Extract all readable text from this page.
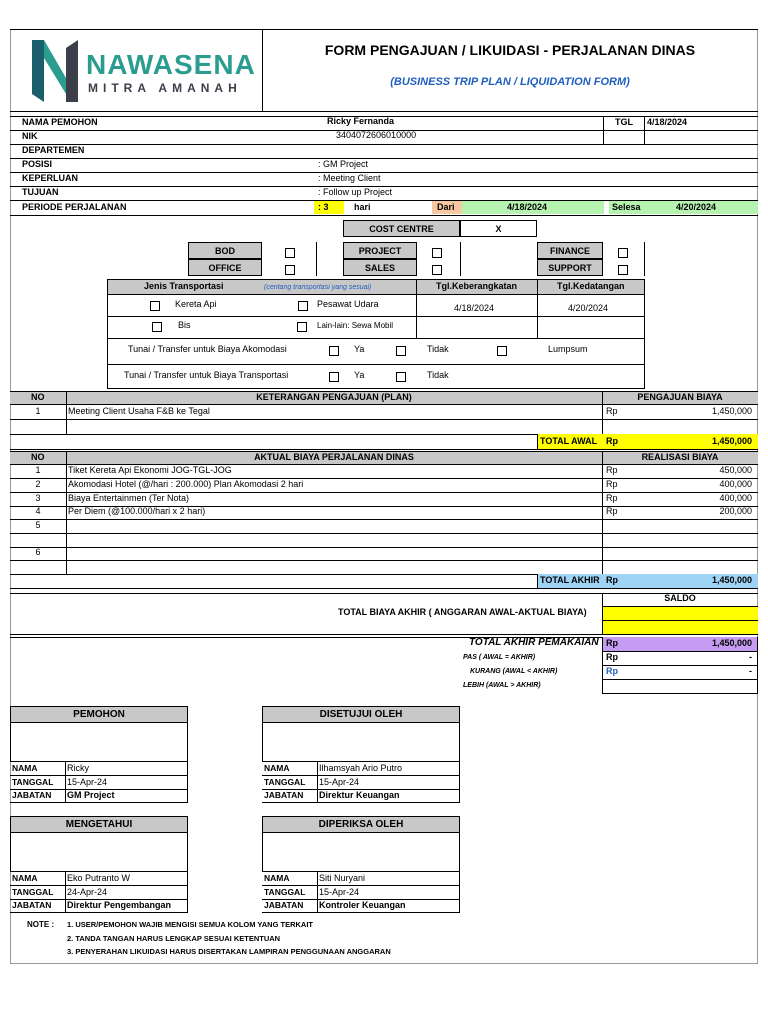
NAWASENA
MITRA AMANAH
FORM PENGAJUAN / LIKUIDASI - PERJALANAN DINAS
(BUSINESS TRIP PLAN / LIQUIDATION FORM)
NAMA PEMOHON	Ricky Fernanda	TGL 4/18/2024
NIK	3404072606010000
DEPARTEMEN
POSISI	: GM Project
KEPERLUAN	: Meeting Client
TUJUAN	: Follow up Project
PERIODE PERJALANAN	: 3	hari	Dari	4/18/2024	Selesa	4/20/2024
COST CENTRE	X
BOD
OFFICE
PROJECT
SALES
FINANCE
SUPPORT
Jenis Transportasi	(centang transportasi yang sesuai)	Tgl.Keberangkatan	Tgl.Kedatangan
Kereta Api	Pesawat Udara	4/18/2024	4/20/2024
Bis	Lain-lain: Sewa Mobil
Tunai / Transfer untuk Biaya Akomodasi	Ya	Tidak	Lumpsum
Tunai / Transfer untuk Biaya Transportasi	Ya	Tidak
NO	KETERANGAN PENGAJUAN (PLAN)	PENGAJUAN BIAYA
1	Meeting Client Usaha F&B ke Tegal	Rp	1,450,000
TOTAL AWAL Rp	1,450,000
NO	AKTUAL BIAYA PERJALANAN DINAS	REALISASI BIAYA
1	Tiket Kereta Api Ekonomi JOG-TGL-JOG	Rp	450,000
2	Akomodasi Hotel (@/hari : 200.000) Plan Akomodasi 2 hari	Rp	400,000
3	Biaya Entertainmen (Ter Nota)	Rp	400,000
4	Per Diem (@100.000/hari x 2 hari)	Rp	200,000
5
6
TOTAL AKHIR Rp	1,450,000
SALDO
TOTAL BIAYA AKHIR ( ANGGARAN AWAL-AKTUAL BIAYA)
TOTAL AKHIR PEMAKAIAN Rp	1,450,000
PAS ( AWAL = AKHIR)	Rp	-
KURANG (AWAL < AKHIR)	Rp	-
LEBIH (AWAL > AKHIR)
PEMOHON
NAMA	Ricky
TANGGAL 15-Apr-24
JABATAN GM Project
DISETUJUI OLEH
NAMA	Ilhamsyah Ario Putro
TANGGAL 15-Apr-24
JABATAN Direktur Keuangan
MENGETAHUI
NAMA	Eko Putranto W
TANGGAL 24-Apr-24
JABATAN Direktur Pengembangan
DIPERIKSA OLEH
NAMA	Siti Nuryani
TANGGAL 15-Apr-24
JABATAN Kontroler Keuangan
NOTE : 1. USER/PEMOHON WAJIB MENGISI SEMUA KOLOM YANG TERKAIT
2. TANDA TANGAN HARUS LENGKAP SESUAI KETENTUAN
3. PENYERAHAN LIKUIDASI HARUS DISERTAKAN LAMPIRAN PENGGUNAAN ANGGARAN
